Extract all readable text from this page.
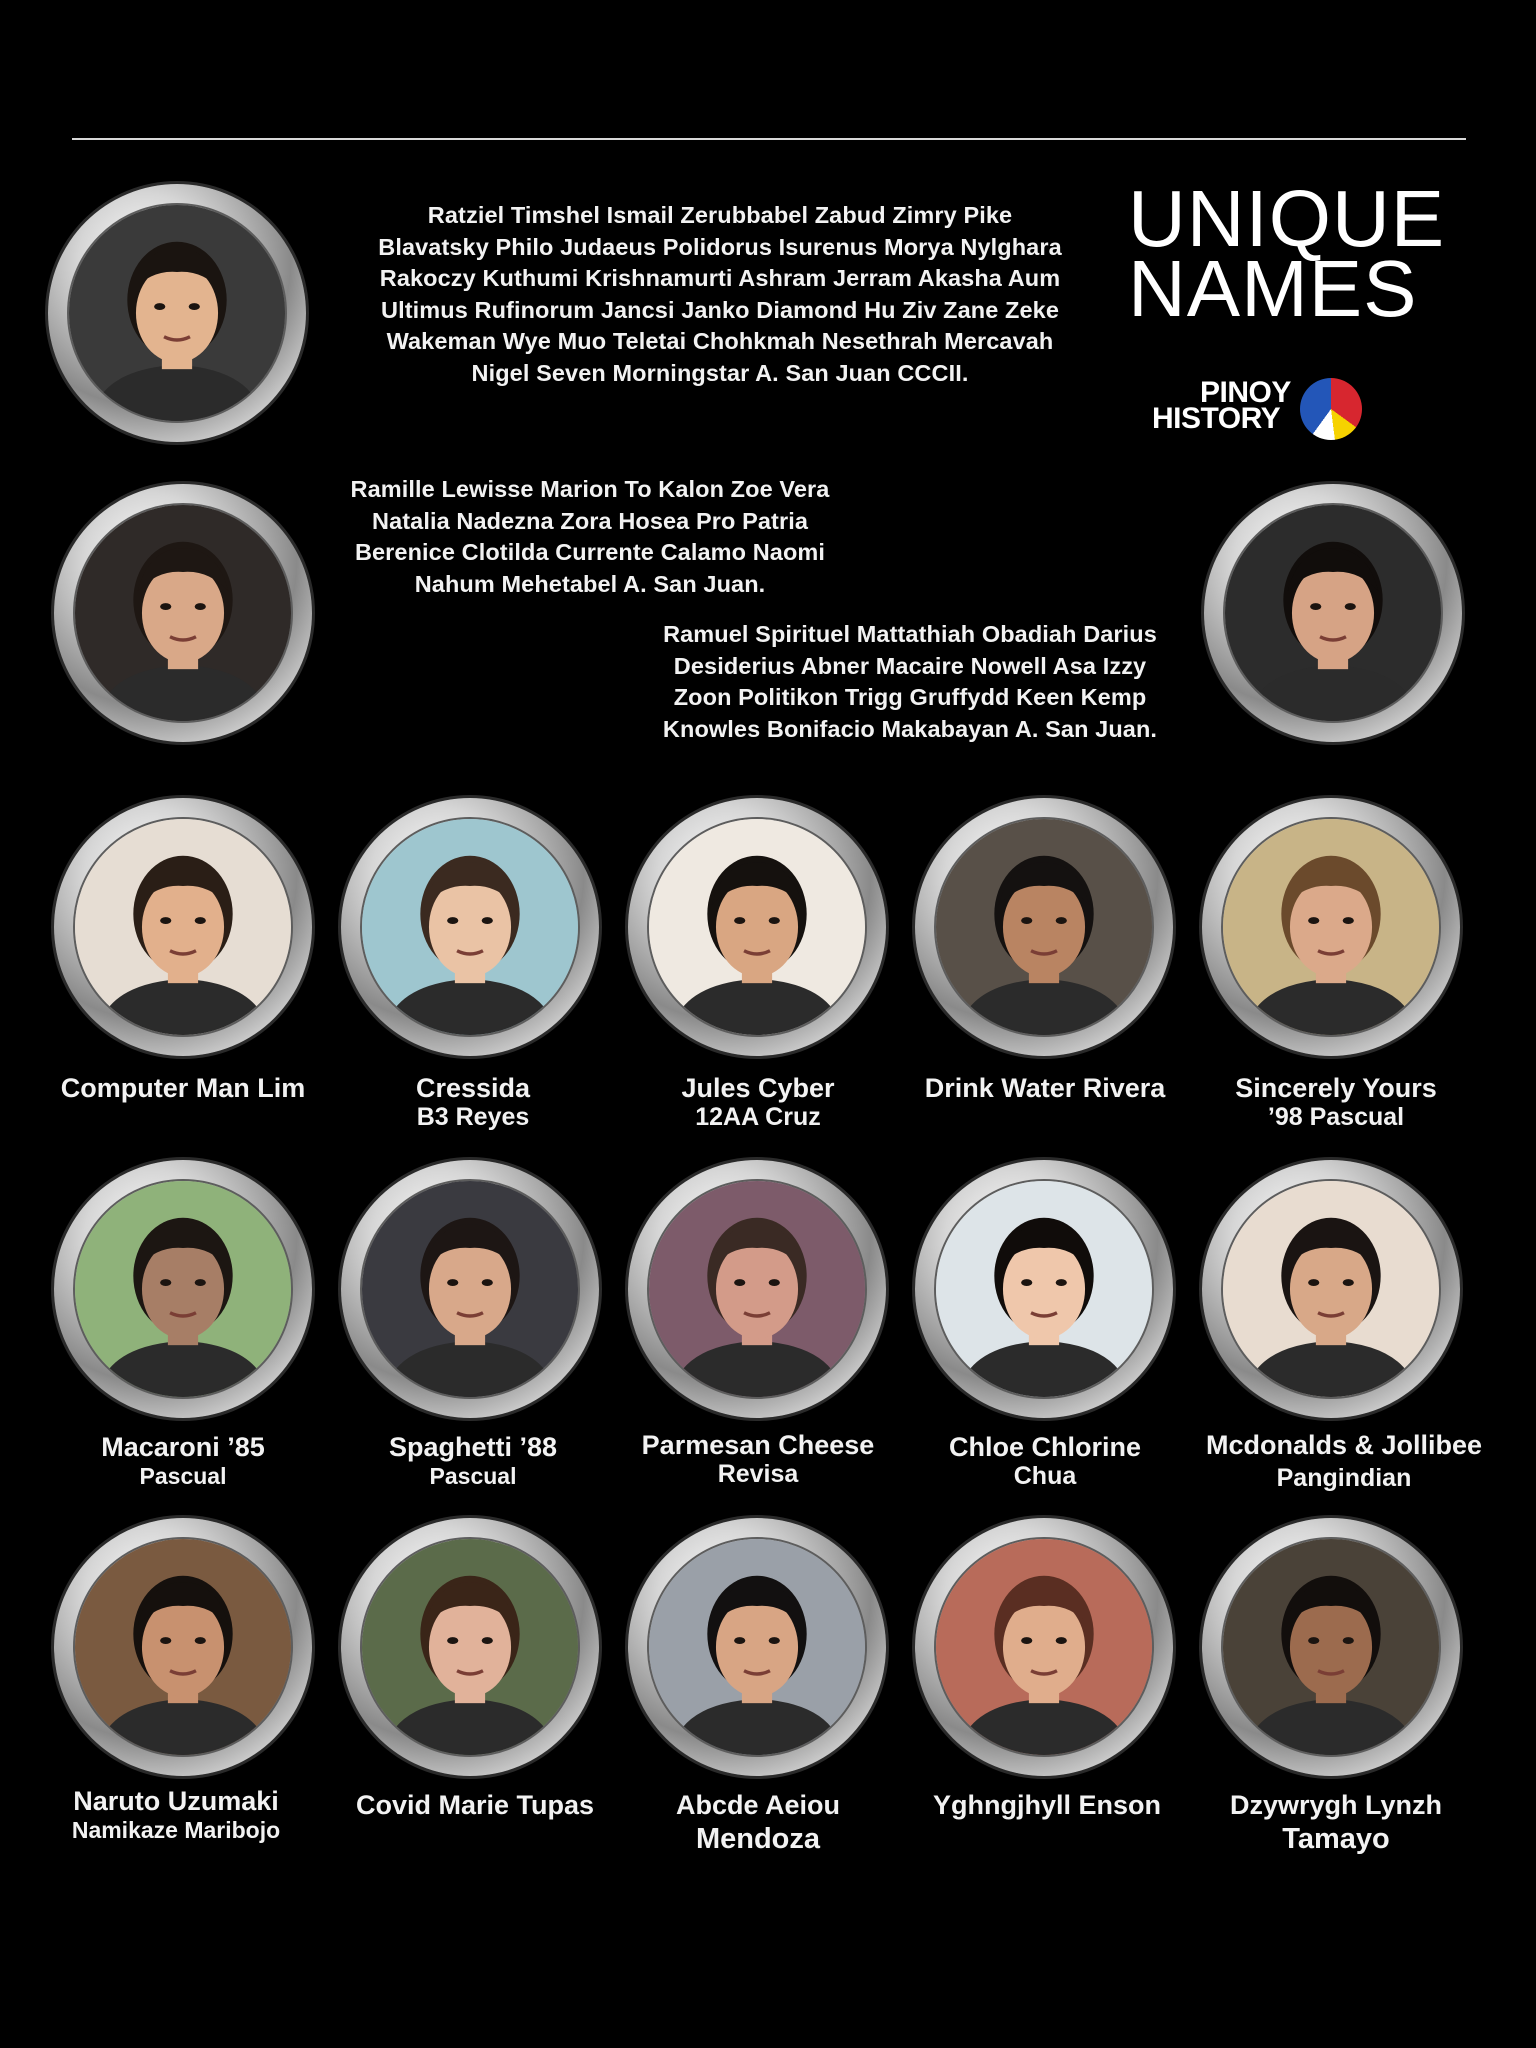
UNIQUE
NAMES
PINOY
HISTORY
Ratziel Timshel Ismail Zerubbabel Zabud Zimry Pike
Blavatsky Philo Judaeus Polidorus Isurenus Morya Nylghara
Rakoczy Kuthumi Krishnamurti Ashram Jerram Akasha Aum
Ultimus Rufinorum Jancsi Janko Diamond Hu Ziv Zane Zeke
Wakeman Wye Muo Teletai Chohkmah Nesethrah Mercavah
Nigel Seven Morningstar A. San Juan CCCII.
Ramille Lewisse Marion To Kalon Zoe Vera
Natalia Nadezna Zora Hosea Pro Patria
Berenice Clotilda Currente Calamo Naomi
Nahum Mehetabel A. San Juan.
Ramuel Spirituel Mattathiah Obadiah Darius
Desiderius Abner Macaire Nowell Asa Izzy
Zoon Politikon Trigg Gruffydd Keen Kemp
Knowles Bonifacio Makabayan A. San Juan.
Computer Man Lim	Cressida
B3 Reyes
Jules Cyber
12AA Cruz
Drink Water Rivera	Sincerely Yours
’98 Pascual
Macaroni ’85
Pascual
Spaghetti ’88
Pascual
Parmesan Cheese
Revisa
Chloe Chlorine
Chua
Mcdonalds & Jollibee
Pangindian
Naruto Uzumaki
Namikaze Maribojo
Covid Marie Tupas	Abcde Aeiou
Mendoza
Yghngjhyll Enson	Dzywrygh Lynzh
Tamayo
